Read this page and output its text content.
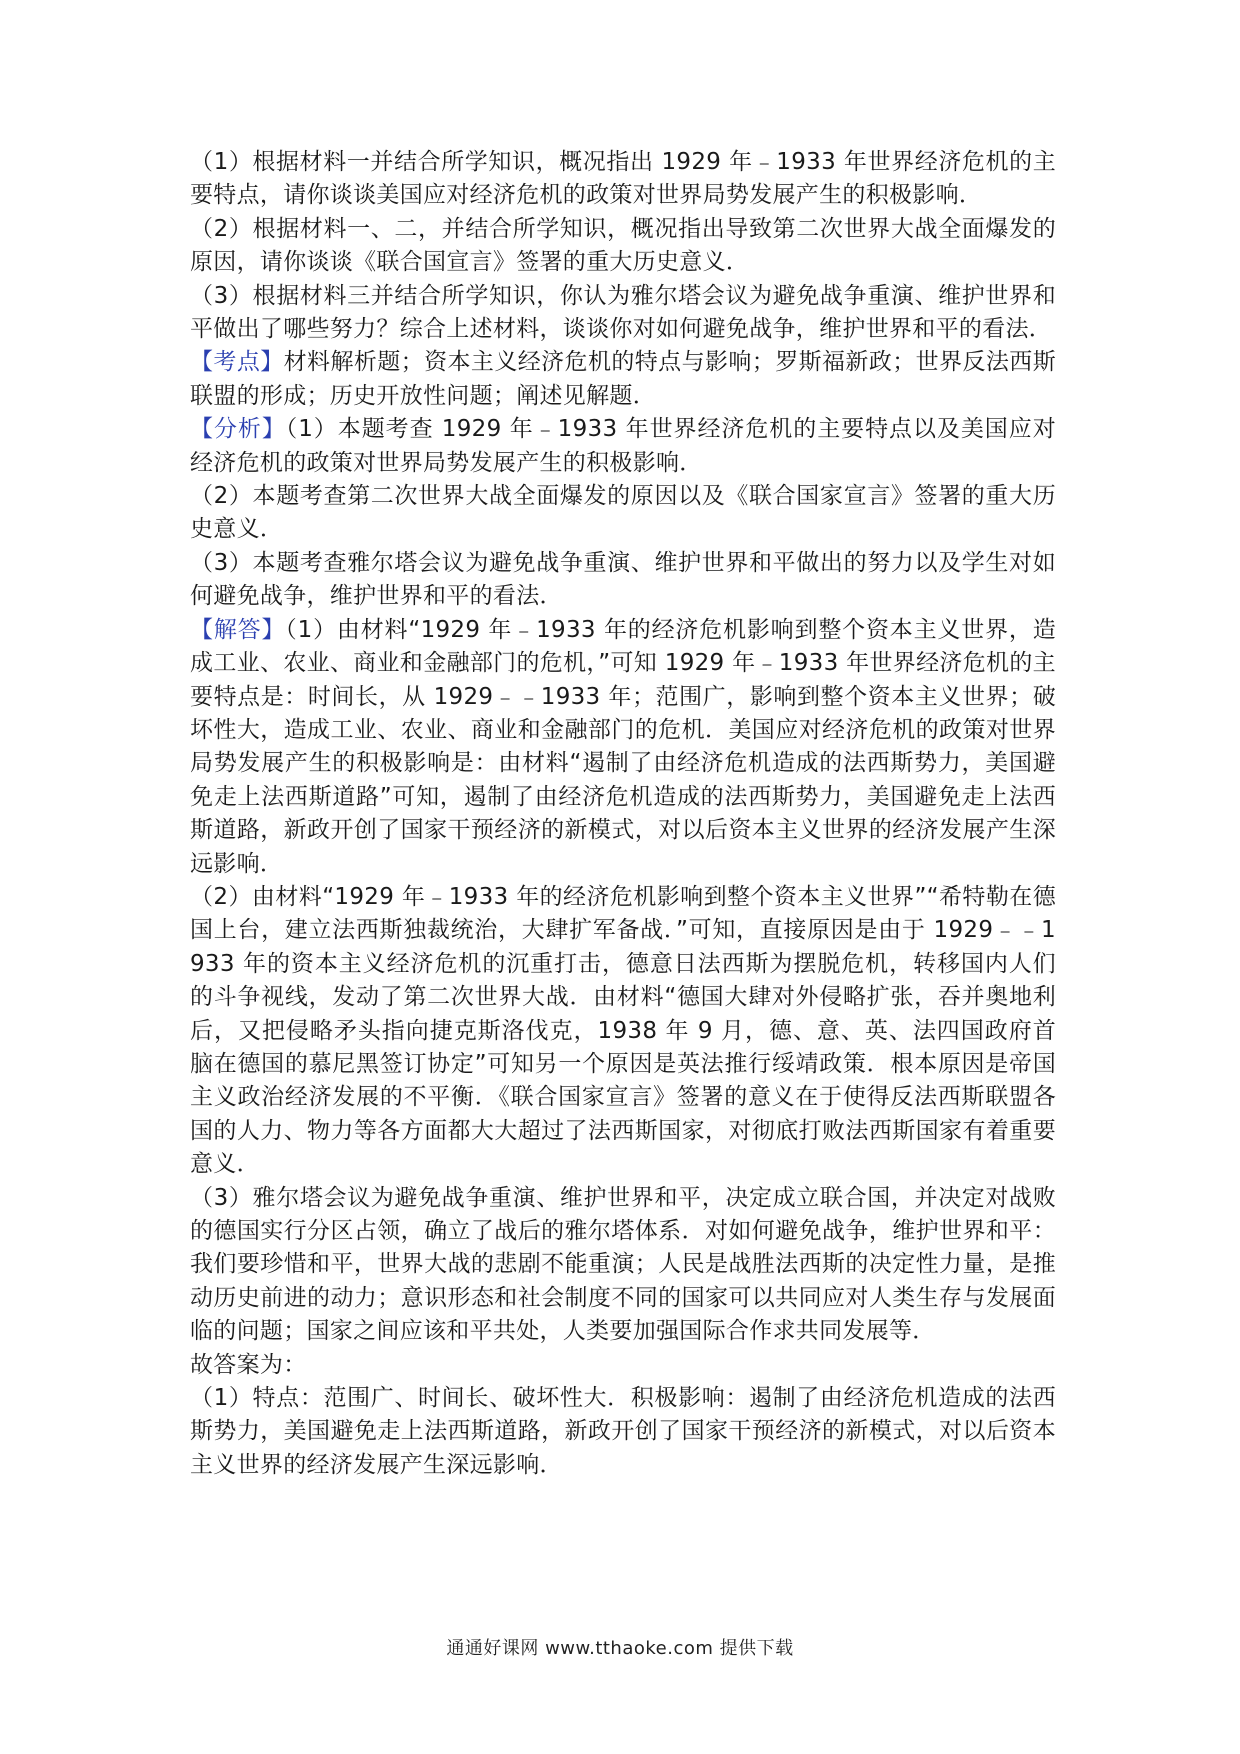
（1）根据材料一并结合所学知识，概况指出 1929 年﹣1933 年世界经济危机的主要特点，请你谈谈美国应对经济危机的政策对世界局势发展产生的积极影响．

（2）根据材料一、二，并结合所学知识，概况指出导致第二次世界大战全面爆发的原因，请你谈谈《联合国宣言》签署的重大历史意义．

（3）根据材料三并结合所学知识，你认为雅尔塔会议为避免战争重演、维护世界和平做出了哪些努力？综合上述材料，谈谈你对如何避免战争，维护世界和平的看法．

【考点】材料解析题；资本主义经济危机的特点与影响；罗斯福新政；世界反法西斯联盟的形成；历史开放性问题；阐述见解题．

【分析】（1）本题考查 1929 年﹣1933 年世界经济危机的主要特点以及美国应对经济危机的政策对世界局势发展产生的积极影响．

（2）本题考查第二次世界大战全面爆发的原因以及《联合国家宣言》签署的重大历史意义．

（3）本题考查雅尔塔会议为避免战争重演、维护世界和平做出的努力以及学生对如何避免战争，维护世界和平的看法．

【解答】（1）由材料“1929 年﹣1933 年的经济危机影响到整个资本主义世界，造成工业、农业、商业和金融部门的危机，”可知 1929 年﹣1933 年世界经济危机的主要特点是：时间长，从 1929﹣﹣1933 年；范围广，影响到整个资本主义世界；破坏性大，造成工业、农业、商业和金融部门的危机．美国应对经济危机的政策对世界局势发展产生的积极影响是：由材料“遏制了由经济危机造成的法西斯势力，美国避免走上法西斯道路”可知，遏制了由经济危机造成的法西斯势力，美国避免走上法西斯道路，新政开创了国家干预经济的新模式，对以后资本主义世界的经济发展产生深远影响．

（2）由材料“1929 年﹣1933 年的经济危机影响到整个资本主义世界”“希特勒在德国上台，建立法西斯独裁统治，大肆扩军备战．”可知，直接原因是由于 1929﹣﹣1933 年的资本主义经济危机的沉重打击，德意日法西斯为摆脱危机，转移国内人们的斗争视线，发动了第二次世界大战．由材料“德国大肆对外侵略扩张，吞并奥地利后，又把侵略矛头指向捷克斯洛伐克，1938 年 9 月，德、意、英、法四国政府首脑在德国的慕尼黑签订协定”可知另一个原因是英法推行绥靖政策．根本原因是帝国主义政治经济发展的不平衡．《联合国家宣言》签署的意义在于使得反法西斯联盟各国的人力、物力等各方面都大大超过了法西斯国家，对彻底打败法西斯国家有着重要意义．

（3）雅尔塔会议为避免战争重演、维护世界和平，决定成立联合国，并决定对战败的德国实行分区占领，确立了战后的雅尔塔体系．对如何避免战争，维护世界和平：我们要珍惜和平，世界大战的悲剧不能重演；人民是战胜法西斯的决定性力量，是推动历史前进的动力；意识形态和社会制度不同的国家可以共同应对人类生存与发展面临的问题；国家之间应该和平共处，人类要加强国际合作求共同发展等．

故答案为：

（1）特点：范围广、时间长、破坏性大．积极影响：遏制了由经济危机造成的法西斯势力，美国避免走上法西斯道路，新政开创了国家干预经济的新模式，对以后资本主义世界的经济发展产生深远影响．

通通好课网 www.tthaoke.com 提供下载
